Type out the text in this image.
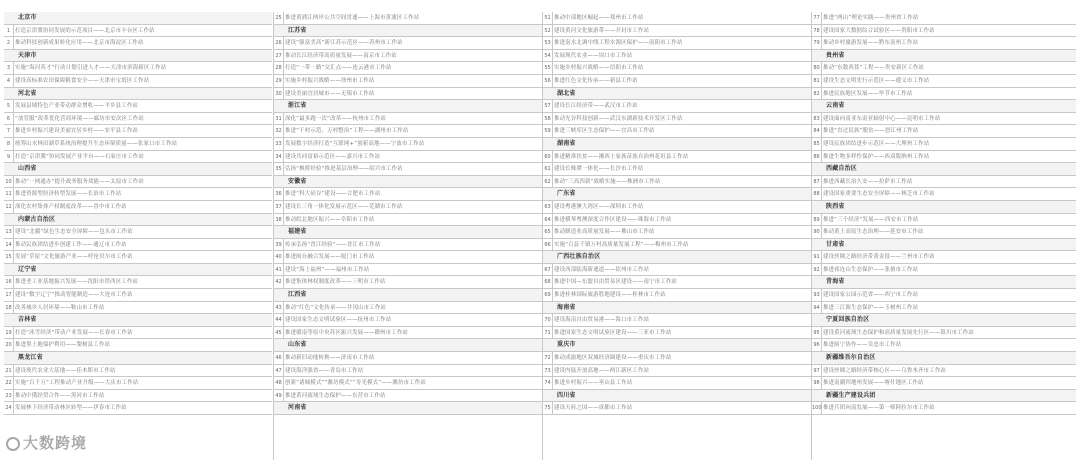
北京市
1 打造京津冀协同发展的示范项目——北京市丰台区工作站
2 推动科技创新成果转化应用——北京市海淀区工作站
天津市
3 实施“海河英才”行动计划引进人才——天津市滨海新区工作站
4 建设高标准农田保障粮食安全——天津市宝坻区工作站
河北省
5 发展县域特色产业带动群众增收——平乡县工作站
6 “放管服”改革优化营商环境——廊坊市安次区工作站
7 推进乡村振兴建设美丽宜居乡村——安平县工作站
8 统筹山水林田湖草系统治理提升生态环境质量——张家口市工作站
9 打造“京津冀”协同发展产业平台——石家庄市工作站
山西省
10 推动“一网通办”提升政务服务效能——太原市工作站
11 推进资源型经济转型发展——长治市工作站
12 深化农村集体产权制度改革——晋中市工作站
内蒙古自治区
13 建设“北疆”绿色生态安全屏障——包头市工作站
14 推动民族团结进步创建工作——通辽市工作站
15 发展“草原”文化旅游产业——呼伦贝尔市工作站
辽宁省
16 推进老工业基地振兴发展——沈阳市铁西区工作站
17 建设“数字辽宁”推动智能制造——大连市工作站
18 改善城乡人居环境——鞍山市工作站
吉林省
19 打造“冰雪经济”带动产业发展——长春市工作站
20 推进黑土地保护利用——梨树县工作站
黑龙江省
21 建设现代农业大基地——佳木斯市工作站
22 实施“百千万”工程推动产业升级——大庆市工作站
23 推动中俄经贸合作——黑河市工作站
24 发展林下经济带动林区转型——伊春市工作站
25 推进黄浦江两岸公共空间贯通——上海市黄浦区工作站
江苏省
26 建设“强富美高”新江苏示范区——苏州市工作站
27 推动长江经济带高质量发展——南京市工作站
28 打造“一带一路”交汇点——连云港市工作站
29 实施乡村振兴战略——徐州市工作站
30 建设美丽宜居城市——无锡市工作站
浙江省
31 深化“最多跑一次”改革——杭州市工作站
32 推进“千村示范、万村整治”工程——湖州市工作站
33 发展数字经济打造“互联网+”创新高地——宁波市工作站
34 建设共同富裕示范区——嘉兴市工作站
35 弘扬“枫桥经验”推进基层治理——绍兴市工作站
安徽省
36 推进“科大硅谷”建设——合肥市工作站
37 建设长三角一体化发展示范区——芜湖市工作站
38 推动皖北地区振兴——阜阳市工作站
福建省
39 传承弘扬“晋江经验”——晋江市工作站
40 推进闽台融合发展——厦门市工作站
41 建设“海上福州”——福州市工作站
42 推进集体林权制度改革——三明市工作站
江西省
43 推动“红色”文化传承——井冈山市工作站
44 建设国家生态文明试验区——抚州市工作站
45 推进赣南等原中央苏区振兴发展——赣州市工作站
山东省
46 推动新旧动能转换——济南市工作站
47 建设海洋强省——青岛市工作站
48 创新“诸城模式”“潍坊模式”“寿光模式”——潍坊市工作站
49 推进黄河流域生态保护——东营市工作站
河南省
51 推动中部地区崛起——郑州市工作站
52 建设黄河文化旅游带——开封市工作站
53 推进南水北调中线工程水源区保护——南阳市工作站
54 发展现代农业——周口市工作站
55 实施乡村振兴战略——信阳市工作站
56 推进红色文化传承——新县工作站
湖北省
57 建设长江经济带——武汉市工作站
58 推动光谷科技创新——武汉东湖新技术开发区工作站
59 推进三峡库区生态保护——宜昌市工作站
湖南省
60 推进精准扶贫——湘西土家族苗族自治州花垣县工作站
61 建设长株潭一体化——长沙市工作站
62 推动“三高四新”战略实施——株洲市工作站
广东省
63 建设粤港澳大湾区——深圳市工作站
64 推进横琴粤澳深度合作区建设——珠海市工作站
65 推动制造业高质量发展——佛山市工作站
66 实施“百县千镇万村高质量发展工程”——梅州市工作站
广西壮族自治区
67 建设西部陆海新通道——钦州市工作站
68 推进中国—东盟自由贸易区建设——南宁市工作站
69 推进桂林国际旅游胜地建设——桂林市工作站
海南省
70 建设海南自由贸易港——海口市工作站
71 推进国家生态文明试验区建设——三亚市工作站
重庆市
72 推动成渝地区双城经济圈建设——重庆市工作站
73 建设内陆开放高地——两江新区工作站
74 推进乡村振兴——巫山县工作站
四川省
75 建设天府之国——成都市工作站
77 推进“两山”理论实践——贵州省工作站
78 建设国家大数据综合试验区——贵阳市工作站
79 推动乡村旅游发展——黔东南州工作站
贵州省
80 推动“东数西算”工程——贵安新区工作站
81 建设生态文明先行示范区——遵义市工作站
82 推进民族地区发展——毕节市工作站
云南省
83 建设面向南亚东南亚辐射中心——昆明市工作站
84 推进“直过民族”脱贫——怒江州工作站
85 建设民族团结进步示范区——大理州工作站
86 推进生物多样性保护——西双版纳州工作站
西藏自治区
87 推进西藏长治久安——拉萨市工作站
88 建设国家重要生态安全屏障——林芝市工作站
陕西省
89 推进“三个经济”发展——西安市工作站
90 推动黄土高原生态治理——延安市工作站
甘肃省
91 建设丝绸之路经济带黄金段——兰州市工作站
92 推进祁连山生态保护——张掖市工作站
青海省
93 建设国家公园示范省——西宁市工作站
94 推进三江源生态保护——玉树州工作站
宁夏回族自治区
95 建设黄河流域生态保护和高质量发展先行区——银川市工作站
96 推进闽宁协作——吴忠市工作站
新疆维吾尔自治区
97 建设丝绸之路经济带核心区——乌鲁木齐市工作站
98 推进南疆四地州发展——喀什地区工作站
新疆生产建设兵团
100 推进兵团向南发展——第一师阿拉尔市工作站
大数跨境
